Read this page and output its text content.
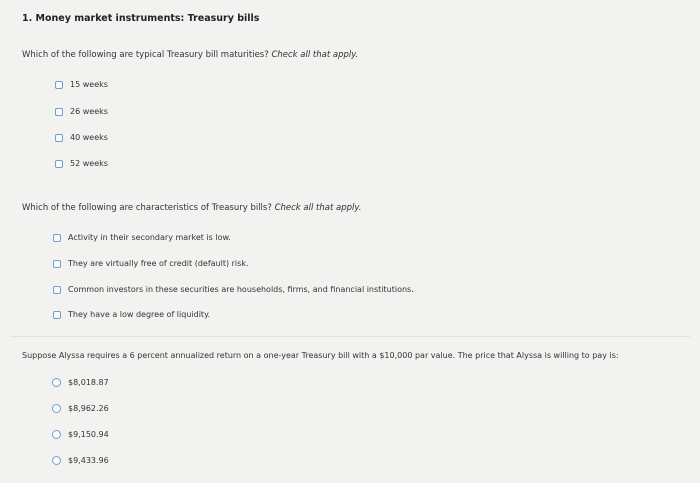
1. Money market instruments: Treasury bills
Which of the following are typical Treasury bill maturities? Check all that apply.
15 weeks
26 weeks
40 weeks
52 weeks
Which of the following are characteristics of Treasury bills? Check all that apply.
Activity in their secondary market is low.
They are virtually free of credit (default) risk.
Common investors in these securities are households, firms, and financial institutions.
They have a low degree of liquidity.
Suppose Alyssa requires a 6 percent annualized return on a one-year Treasury bill with a $10,000 par value. The price that Alyssa is willing to pay is:
$8,018.87
$8,962.26
$9,150.94
$9,433.96
